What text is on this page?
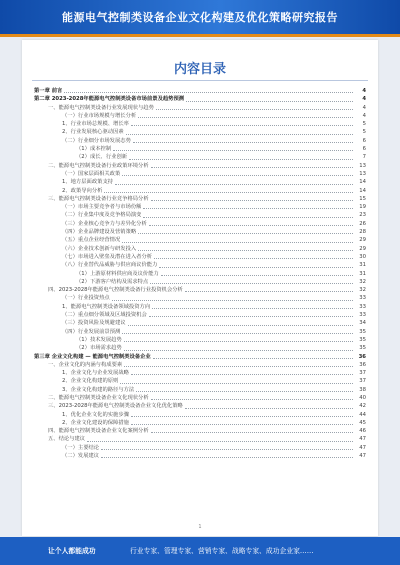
能源电气控制类设备企业文化构建及优化策略研究报告
内容目录
第一章 前言	4
第二章 2023-2028年能源电气控制类设备市场前景及趋势预测	4
一、能源电气控制类设备行业发展现状与趋势	4
（一）行业市场规模与增长分析	4
1、行业市场总规模、增长率	5
2、行业发展核心驱动因素	5
（二）行业细分市场发展态势	6
（1）成本控制	6
（2）成长、行业创新	7
二、能源电气控制类设备行业政策环境分析	13
（一）国家层面相关政策	13
1、地方层面政策支持	14
2、政策导向分析	14
三、能源电气控制类设备行业竞争格局分析	15
（一）市场主要竞争者与市场份额	19
（二）行业集中度及竞争格局演变	23
（三）企业核心竞争力与差异化分析	26
（四）企业品牌建设及营销策略	28
（五）重点企业经营情况	29
（六）企业技术创新与研发投入	29
（七）市场进入壁垒及潜在进入者分析	30
（八）行业替代品威胁与供应商议价能力	31
（1）上游原材料供应商及议价能力	31
（2）下游客户结构及需求特点	32
四、2023-2028年能源电气控制类设备行业投资机会分析	32
（一）行业投资热点	33
1、能源电气控制类设备领域投资方向	33
（二）重点细分领域及区域投资机会	33
（三）投资风险及规避建议	34
（四）行业发展前景预测	35
（1）技术发展趋势	35
（2）市场需求趋势	35
第三章 企业文化构建 — 能源电气控制类设备企业	36
一、企业文化的内涵与构成要素	36
1、企业文化与企业发展战略	37
2、企业文化构建的原则	37
3、企业文化构建的路径与方法	38
二、能源电气控制类设备企业文化现状分析	40
三、2023-2028年能源电气控制类设备企业文化优化策略	42
1、优化企业文化的实施步骤	44
2、企业文化建设的保障措施	45
四、能源电气控制类设备企业文化案例分析	46
五、结论与建议	47
（一）主要结论	47
（二）发展建议	47
1
让个人都能成功	行业专家、管理专家、营销专家、战略专家、成功企业家……
